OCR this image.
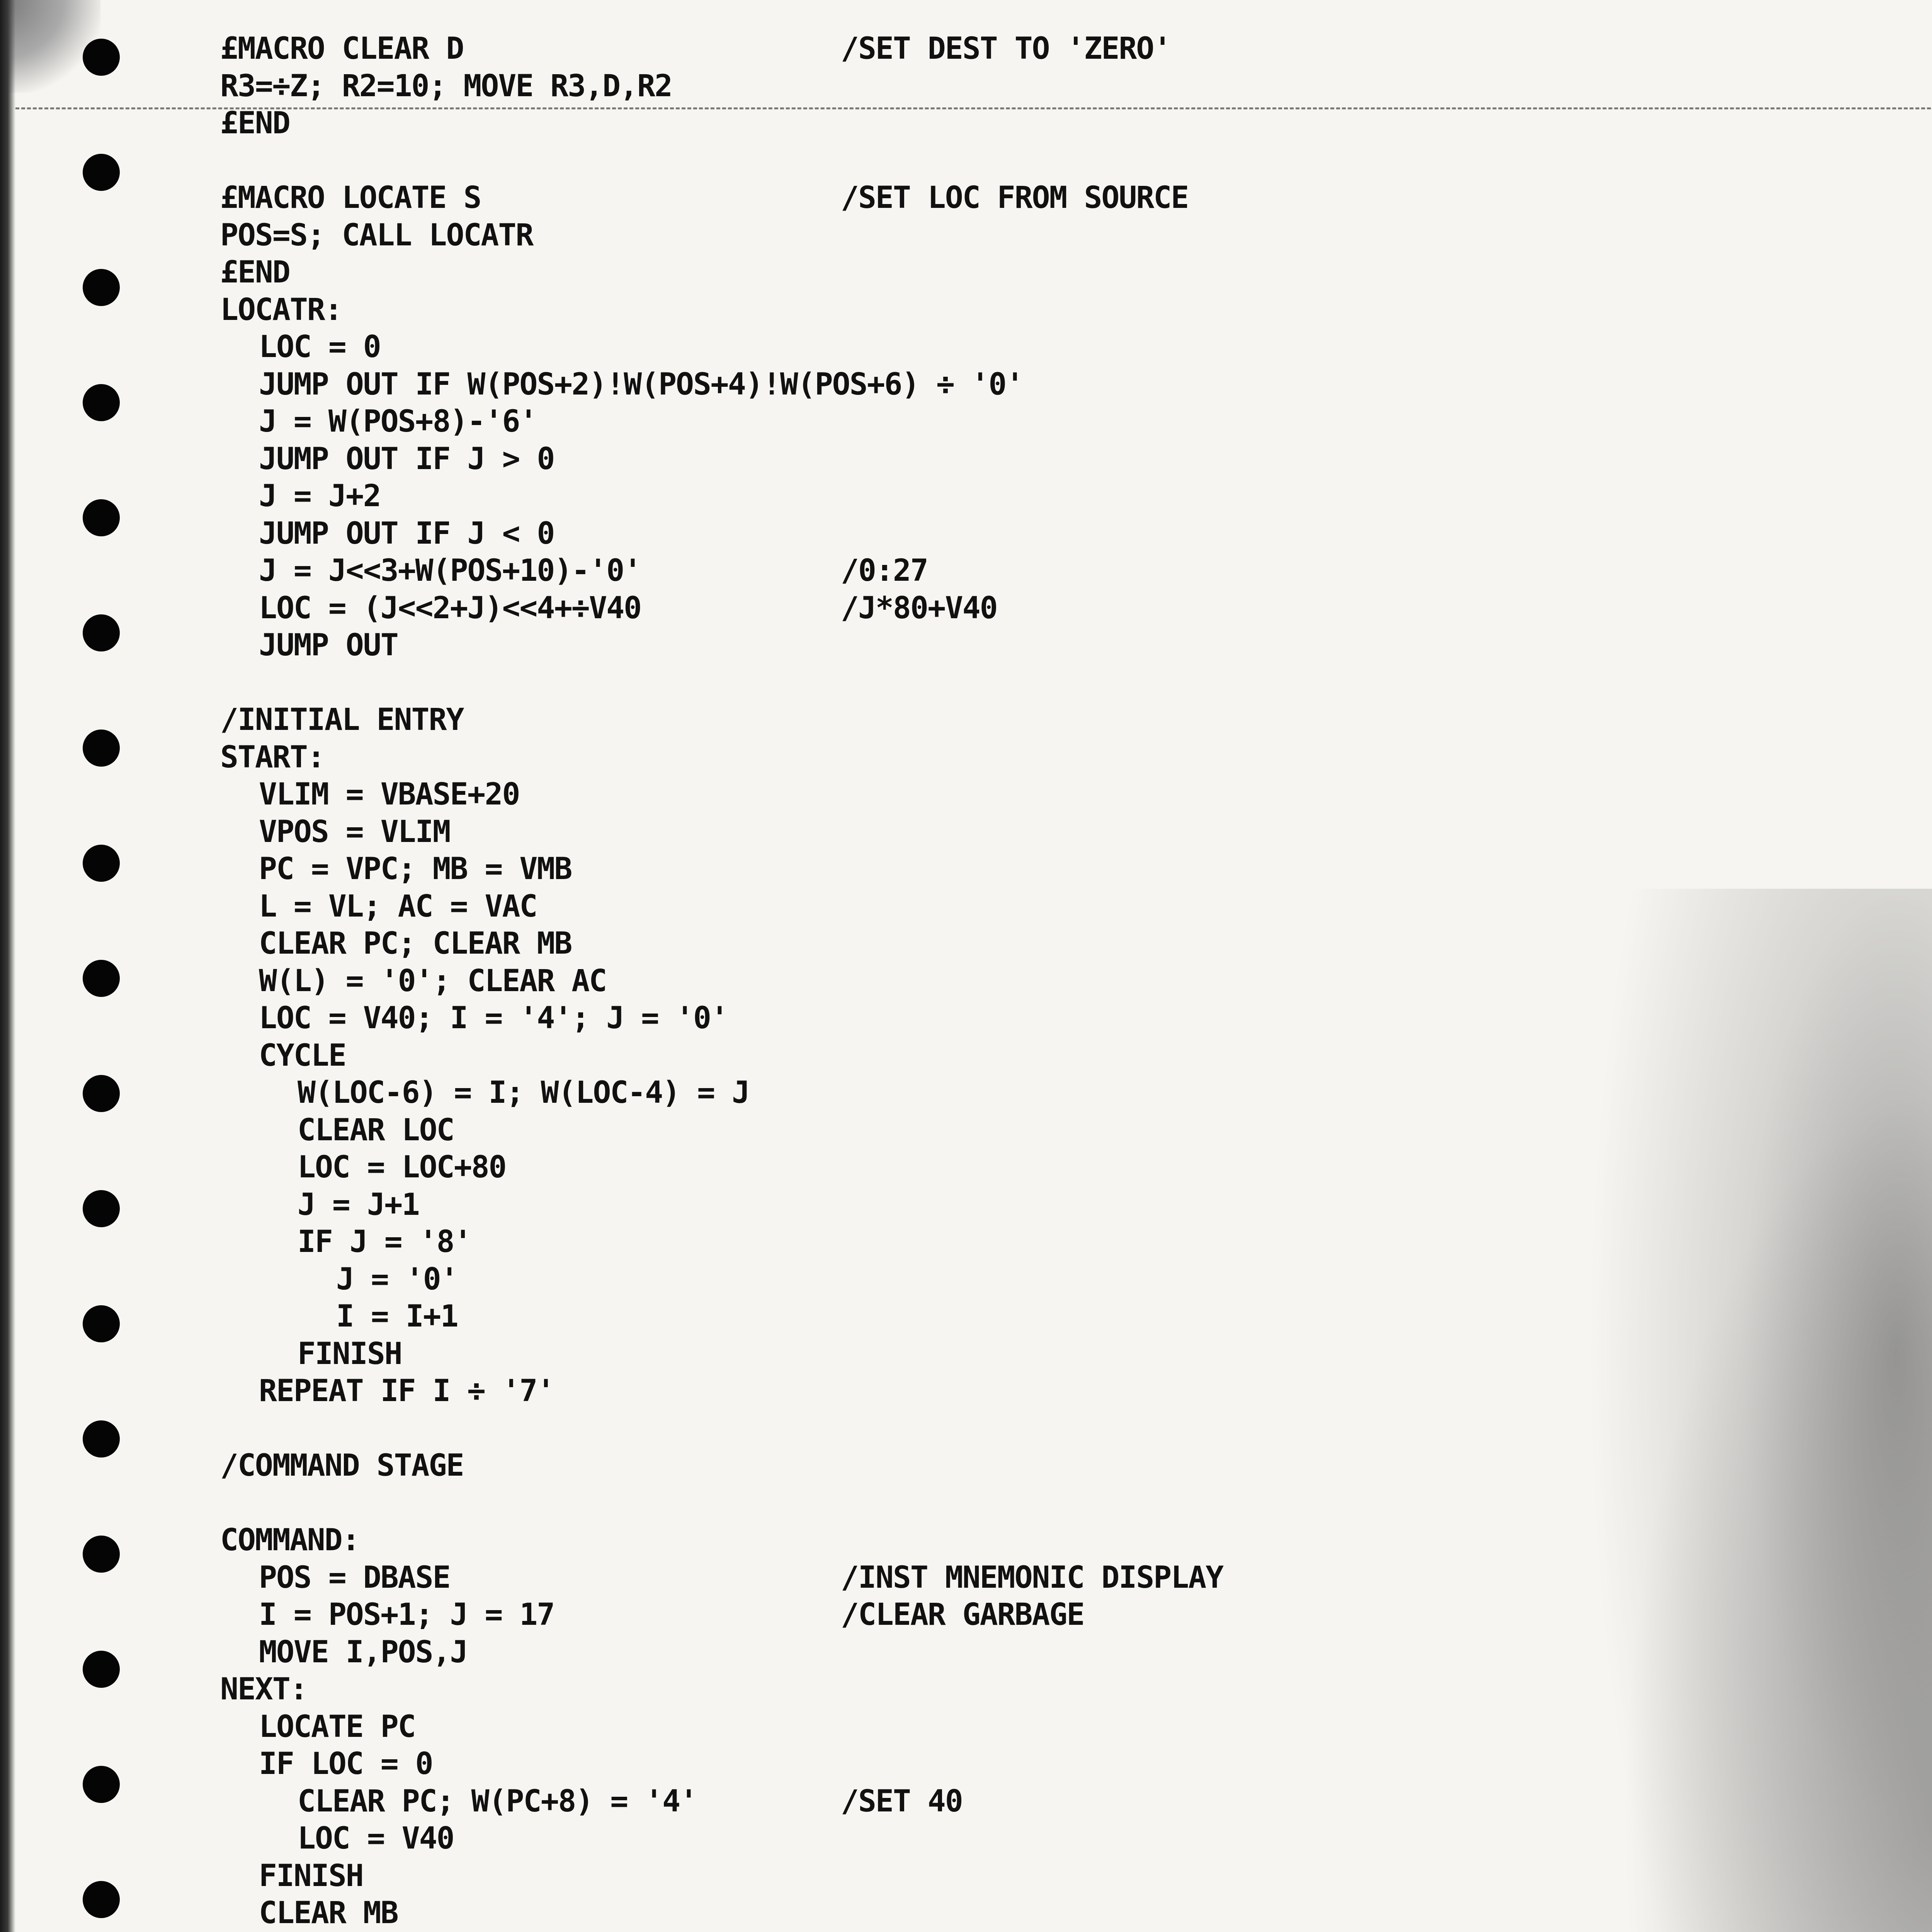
£MACRO CLEAR D	/SET DEST TO 'ZERO'
R3=÷Z; R2=10; MOVE R3,D,R2
£END
£MACRO LOCATE S	/SET LOC FROM SOURCE
POS=S; CALL LOCATR
£END
LOCATR:
LOC = 0
JUMP OUT IF W(POS+2)!W(POS+4)!W(POS+6) ÷ '0'
J = W(POS+8)-'6'
JUMP OUT IF J > 0
J = J+2
JUMP OUT IF J < 0
J = J<<3+W(POS+10)-'0'	/0:27
LOC = (J<<2+J)<<4+÷V40	/J*80+V40
JUMP OUT
/INITIAL ENTRY
START:
VLIM = VBASE+20
VPOS = VLIM
PC = VPC; MB = VMB
L = VL; AC = VAC
CLEAR PC; CLEAR MB
W(L) = '0'; CLEAR AC
LOC = V40; I = '4'; J = '0'
CYCLE
W(LOC-6) = I; W(LOC-4) = J
CLEAR LOC
LOC = LOC+80
J = J+1
IF J = '8'
J = '0'
I = I+1
FINISH
REPEAT IF I ÷ '7'
/COMMAND STAGE
COMMAND:
POS = DBASE	/INST MNEMONIC DISPLAY
I = POS+1; J = 17	/CLEAR GARBAGE
MOVE I,POS,J
NEXT:
LOCATE PC
IF LOC = 0
CLEAR PC; W(PC+8) = '4'	/SET 40
LOC = V40
FINISH
CLEAR MB
